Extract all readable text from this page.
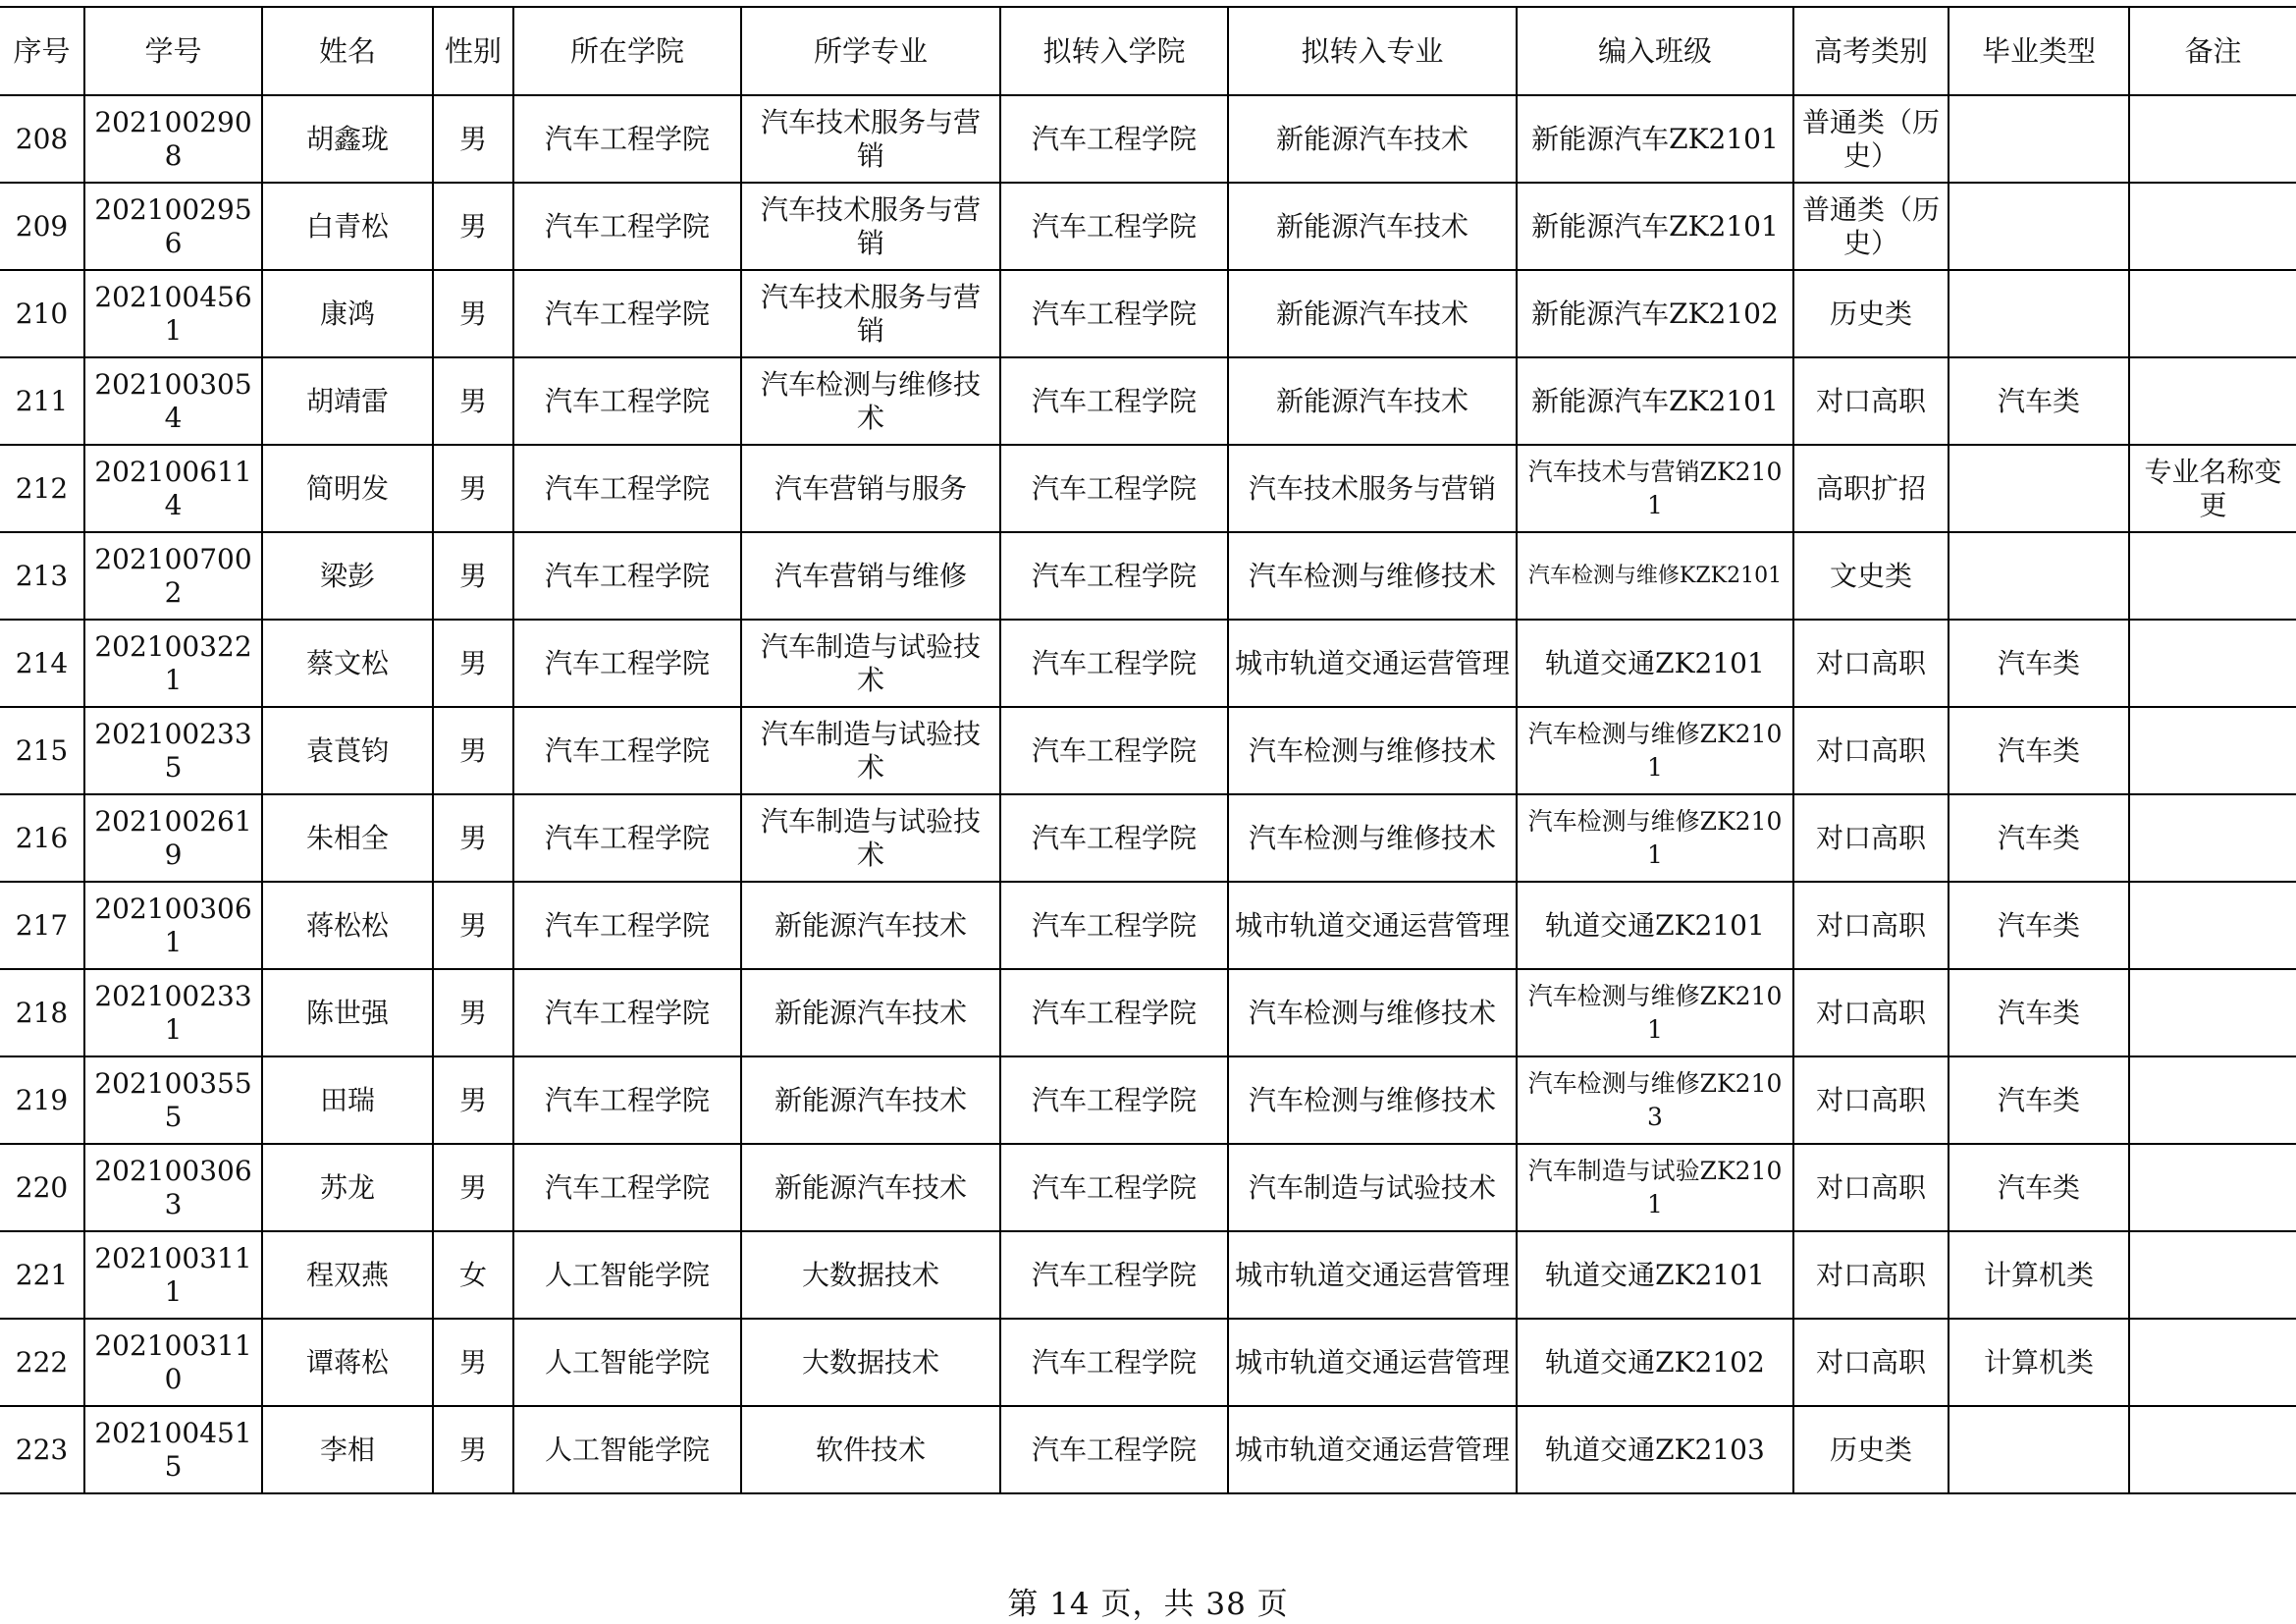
序号	学号	姓名	性别	所在学院	所学专业	拟转入学院	拟转入专业	编入班级	高考类别	毕业类型	备注
208	2021002908	胡鑫珑	男	汽车工程学院	汽车技术服务与营销	汽车工程学院	新能源汽车技术	新能源汽车ZK2101	普通类（历史）		
209	2021002956	白青松	男	汽车工程学院	汽车技术服务与营销	汽车工程学院	新能源汽车技术	新能源汽车ZK2101	普通类（历史）		
210	2021004561	康鸿	男	汽车工程学院	汽车技术服务与营销	汽车工程学院	新能源汽车技术	新能源汽车ZK2102	历史类		
211	2021003054	胡靖雷	男	汽车工程学院	汽车检测与维修技术	汽车工程学院	新能源汽车技术	新能源汽车ZK2101	对口高职	汽车类	
212	2021006114	简明发	男	汽车工程学院	汽车营销与服务	汽车工程学院	汽车技术服务与营销	汽车技术与营销ZK2101	高职扩招		专业名称变更
213	2021007002	梁彭	男	汽车工程学院	汽车营销与维修	汽车工程学院	汽车检测与维修技术	汽车检测与维修KZK2101	文史类		
214	2021003221	蔡文松	男	汽车工程学院	汽车制造与试验技术	汽车工程学院	城市轨道交通运营管理	轨道交通ZK2101	对口高职	汽车类	
215	2021002335	袁莨钧	男	汽车工程学院	汽车制造与试验技术	汽车工程学院	汽车检测与维修技术	汽车检测与维修ZK2101	对口高职	汽车类	
216	2021002619	朱相全	男	汽车工程学院	汽车制造与试验技术	汽车工程学院	汽车检测与维修技术	汽车检测与维修ZK2101	对口高职	汽车类	
217	2021003061	蒋松松	男	汽车工程学院	新能源汽车技术	汽车工程学院	城市轨道交通运营管理	轨道交通ZK2101	对口高职	汽车类	
218	2021002331	陈世强	男	汽车工程学院	新能源汽车技术	汽车工程学院	汽车检测与维修技术	汽车检测与维修ZK2101	对口高职	汽车类	
219	2021003555	田瑞	男	汽车工程学院	新能源汽车技术	汽车工程学院	汽车检测与维修技术	汽车检测与维修ZK2103	对口高职	汽车类	
220	2021003063	苏龙	男	汽车工程学院	新能源汽车技术	汽车工程学院	汽车制造与试验技术	汽车制造与试验ZK2101	对口高职	汽车类	
221	2021003111	程双燕	女	人工智能学院	大数据技术	汽车工程学院	城市轨道交通运营管理	轨道交通ZK2101	对口高职	计算机类	
222	2021003110	谭蒋松	男	人工智能学院	大数据技术	汽车工程学院	城市轨道交通运营管理	轨道交通ZK2102	对口高职	计算机类	
223	2021004515	李相	男	人工智能学院	软件技术	汽车工程学院	城市轨道交通运营管理	轨道交通ZK2103	历史类		
第 14 页，共 38 页
